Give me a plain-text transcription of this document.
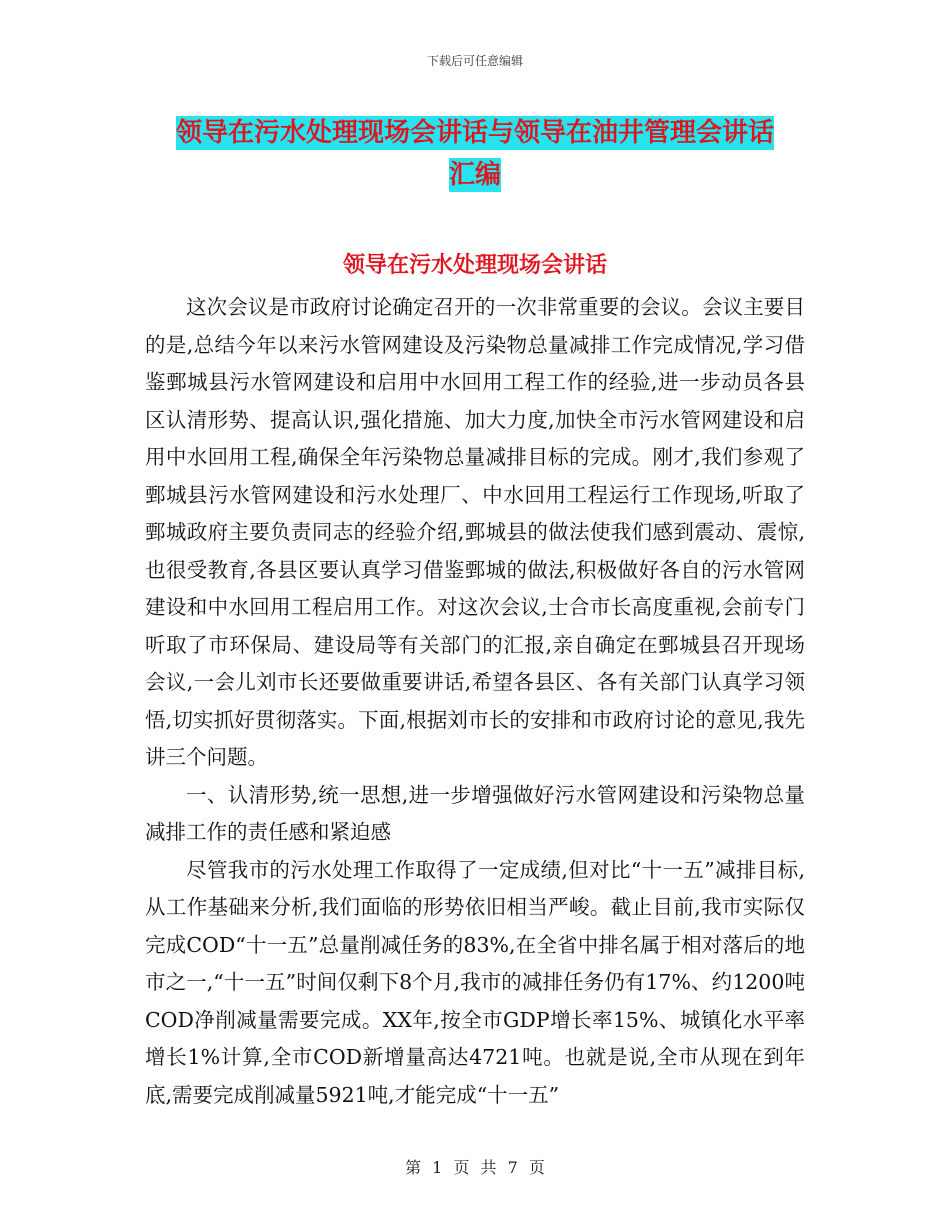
下载后可任意编辑
领导在污水处理现场会讲话与领导在油井管理会讲话
汇编
领导在污水处理现场会讲话

这次会议是市政府讨论确定召开的一次非常重要的会议。会议主要目的是,总结今年以来污水管网建设及污染物总量减排工作完成情况,学习借鉴鄄城县污水管网建设和启用中水回用工程工作的经验,进一步动员各县区认清形势、提高认识,强化措施、加大力度,加快全市污水管网建设和启用中水回用工程,确保全年污染物总量减排目标的完成。刚才,我们参观了鄄城县污水管网建设和污水处理厂、中水回用工程运行工作现场,听取了鄄城政府主要负责同志的经验介绍,鄄城县的做法使我们感到震动、震惊,也很受教育,各县区要认真学习借鉴鄄城的做法,积极做好各自的污水管网建设和中水回用工程启用工作。对这次会议,士合市长高度重视,会前专门听取了市环保局、建设局等有关部门的汇报,亲自确定在鄄城县召开现场会议,一会儿刘市长还要做重要讲话,希望各县区、各有关部门认真学习领悟,切实抓好贯彻落实。下面,根据刘市长的安排和市政府讨论的意见,我先讲三个问题。

一、认清形势,统一思想,进一步增强做好污水管网建设和污染物总量减排工作的责任感和紧迫感

尽管我市的污水处理工作取得了一定成绩,但对比“十一五”减排目标,从工作基础来分析,我们面临的形势依旧相当严峻。截止目前,我市实际仅完成COD“十一五”总量削减任务的83%,在全省中排名属于相对落后的地市之一,“十一五”时间仅剩下8个月,我市的减排任务仍有17%、约1200吨COD净削减量需要完成。XX年,按全市GDP增长率15%、城镇化水平率增长1%计算,全市COD新增量高达4721吨。也就是说,全市从现在到年底,需要完成削减量5921吨,才能完成“十一五”

第 1 页 共 7 页
